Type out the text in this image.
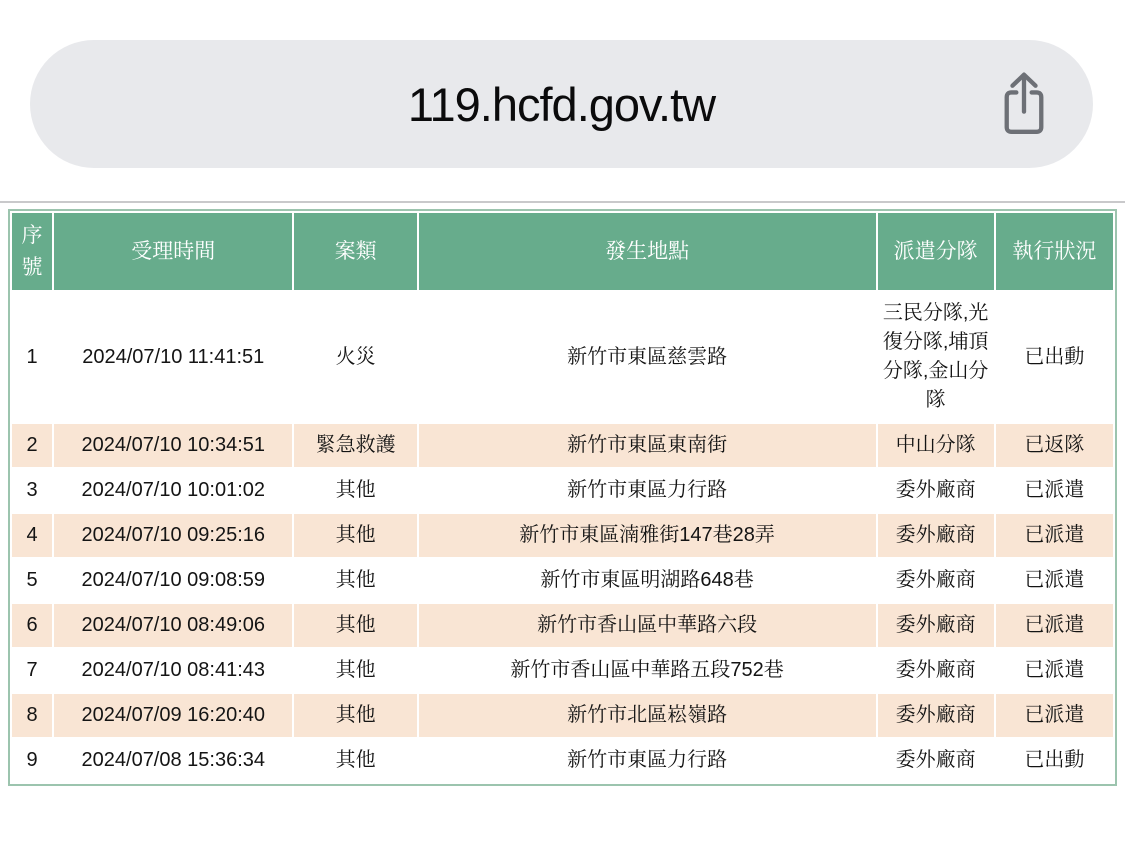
119.hcfd.gov.tw
序號	受理時間	案類	發生地點	派遣分隊	執行狀況
1	2024/07/10 11:41:51	火災	新竹市東區慈雲路	三民分隊,光復分隊,埔頂分隊,金山分隊	已出動
2	2024/07/10 10:34:51	緊急救護	新竹市東區東南街	中山分隊	已返隊
3	2024/07/10 10:01:02	其他	新竹市東區力行路	委外廠商	已派遣
4	2024/07/10 09:25:16	其他	新竹市東區湳雅街147巷28弄	委外廠商	已派遣
5	2024/07/10 09:08:59	其他	新竹市東區明湖路648巷	委外廠商	已派遣
6	2024/07/10 08:49:06	其他	新竹市香山區中華路六段	委外廠商	已派遣
7	2024/07/10 08:41:43	其他	新竹市香山區中華路五段752巷	委外廠商	已派遣
8	2024/07/09 16:20:40	其他	新竹市北區崧嶺路	委外廠商	已派遣
9	2024/07/08 15:36:34	其他	新竹市東區力行路	委外廠商	已出動
